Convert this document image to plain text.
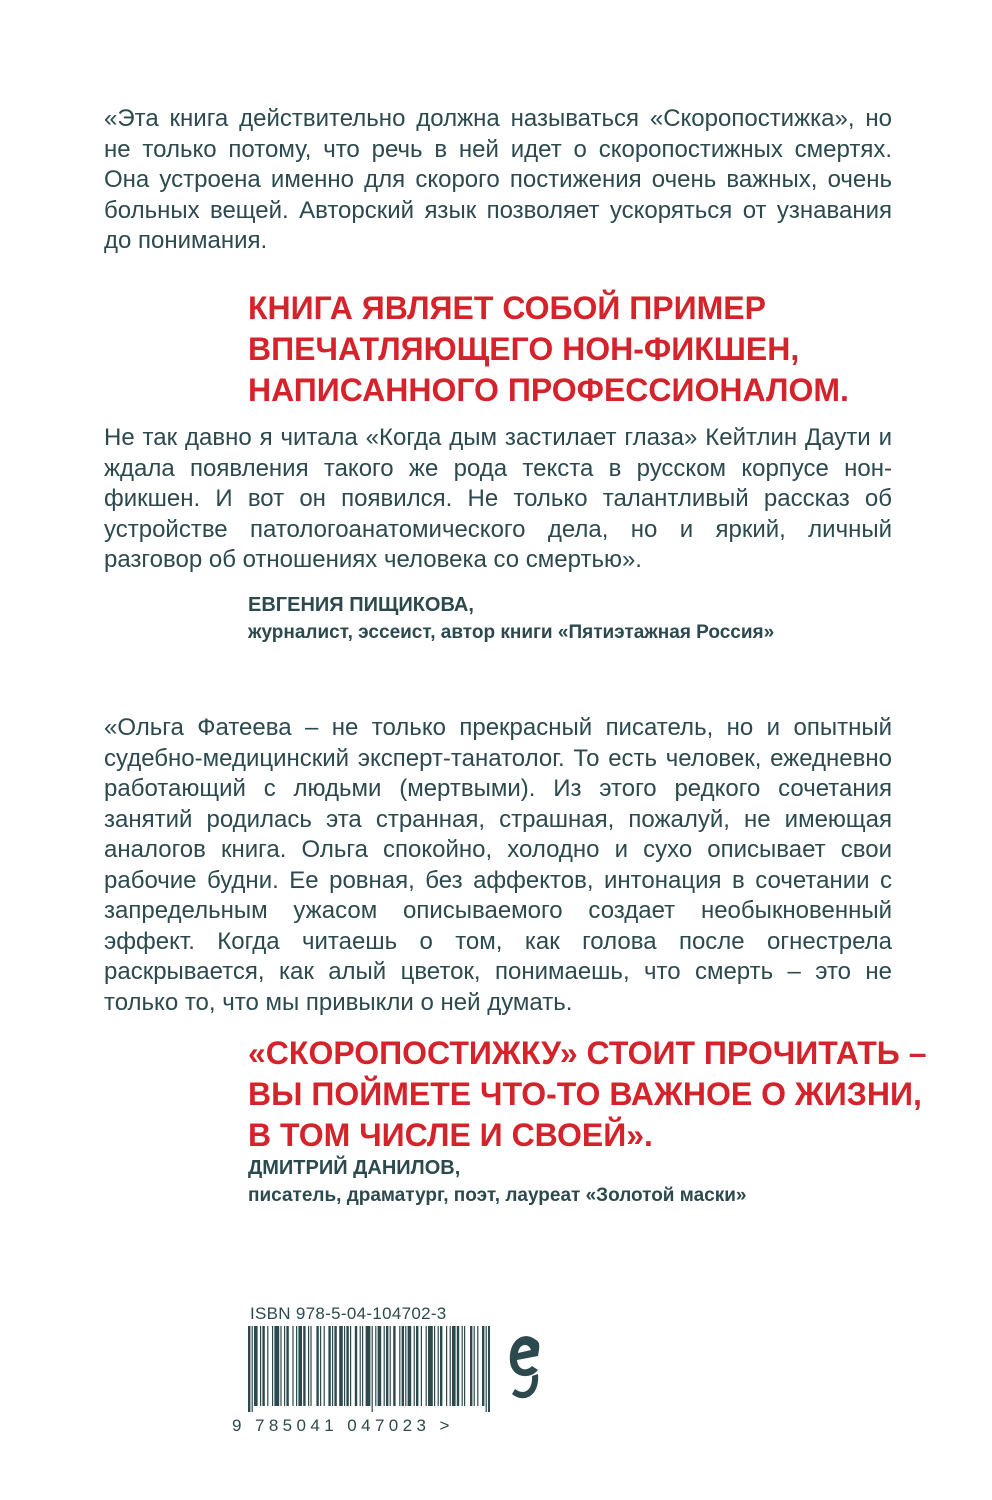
«Эта книга действительно должна называться «Скоропостижка», но не только потому, что речь в ней идет о скоропостижных смертях. Она устроена именно для скорого постижения очень важных, очень больных вещей. Авторский язык позволяет ускоряться от узнавания до понимания.

КНИГА ЯВЛЯЕТ СОБОЙ ПРИМЕР ВПЕЧАТЛЯЮЩЕГО НОН-ФИКШЕН, НАПИСАННОГО ПРОФЕССИОНАЛОМ.

Не так давно я читала «Когда дым застилает глаза» Кейтлин Даути и ждала появления такого же рода текста в русском корпусе нон-фикшен. И вот он появился. Не только талантливый рассказ об устройстве патологоанатомического дела, но и яркий, личный разговор об отношениях человека со смертью».

ЕВГЕНИЯ ПИЩИКОВА,
журналист, эссеист, автор книги «Пятиэтажная Россия»

«Ольга Фатеева – не только прекрасный писатель, но и опытный судебно-медицинский эксперт-танатолог. То есть человек, ежедневно работающий с людьми (мертвыми). Из этого редкого сочетания занятий родилась эта странная, страшная, пожалуй, не имеющая аналогов книга. Ольга спокойно, холодно и сухо описывает свои рабочие будни. Ее ровная, без аффектов, интонация в сочетании с запредельным ужасом описываемого создает необыкновенный эффект. Когда читаешь о том, как голова после огнестрела раскрывается, как алый цветок, понимаешь, что смерть – это не только то, что мы привыкли о ней думать.

«СКОРОПОСТИЖКУ» СТОИТ ПРОЧИТАТЬ – ВЫ ПОЙМЕТЕ ЧТО-ТО ВАЖНОЕ О ЖИЗНИ, В ТОМ ЧИСЛЕ И СВОЕЙ».

ДМИТРИЙ ДАНИЛОВ,
писатель, драматург, поэт, лауреат «Золотой маски»
ISBN 978-5-04-104702-3
9 785041 047023 >
